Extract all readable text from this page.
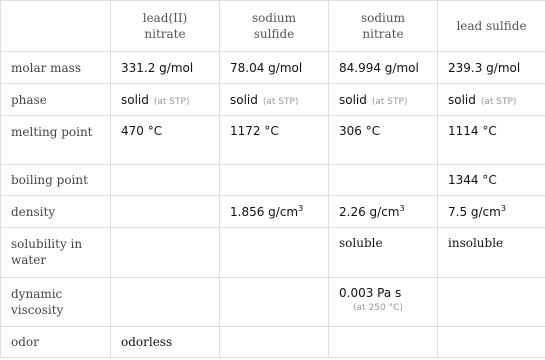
	lead(II) nitrate	sodium sulfide	sodium nitrate	lead sulfide
molar mass	331.2 g/mol	78.04 g/mol	84.994 g/mol	239.3 g/mol
phase	solid (at STP)	solid (at STP)	solid (at STP)	solid (at STP)
melting point	470 °C	1172 °C	306 °C	1114 °C
boiling point				1344 °C
density		1.856 $g/cm^3$	2.26 $g/cm^3$	7.5 $g/cm^3$
solubility in water			soluble	insoluble
dynamic viscosity			0.003 Pa s
(at 250 °C)	

odor	odorless			
